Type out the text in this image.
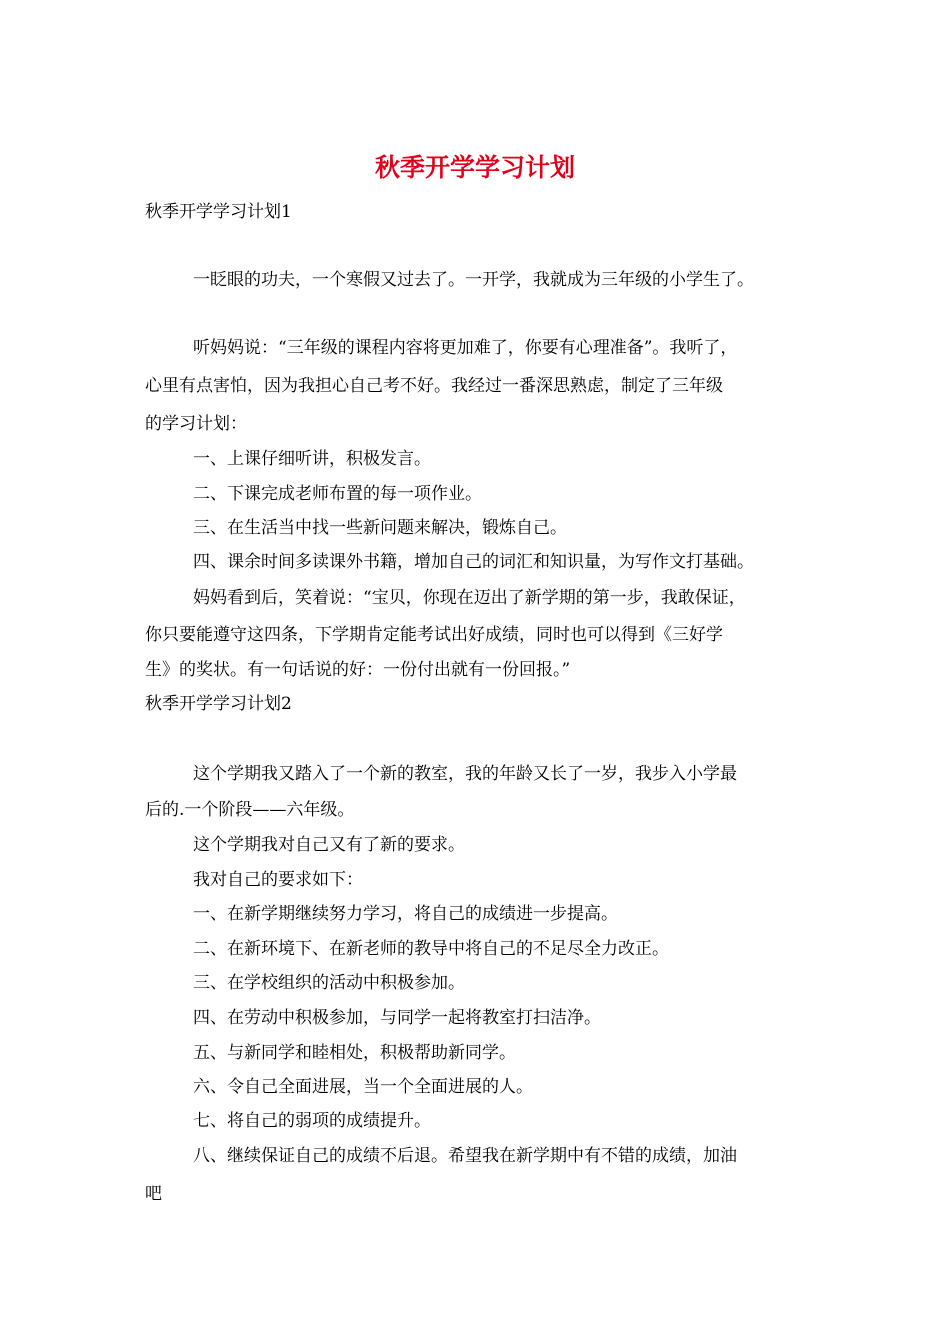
秋季开学学习计划

秋季开学学习计划1

一眨眼的功夫，一个寒假又过去了。一开学，我就成为三年级的小学生了。

听妈妈说：“三年级的课程内容将更加难了，你要有心理准备”。我听了，

心里有点害怕，因为我担心自己考不好。我经过一番深思熟虑，制定了三年级

的学习计划：

一、上课仔细听讲，积极发言。

二、下课完成老师布置的每一项作业。

三、在生活当中找一些新问题来解决，锻炼自己。

四、课余时间多读课外书籍，增加自己的词汇和知识量，为写作文打基础。

妈妈看到后，笑着说：“宝贝，你现在迈出了新学期的第一步，我敢保证，

你只要能遵守这四条，下学期肯定能考试出好成绩，同时也可以得到《三好学

生》的奖状。有一句话说的好：一份付出就有一份回报。”

秋季开学学习计划2

这个学期我又踏入了一个新的教室，我的年龄又长了一岁，我步入小学最

后的.一个阶段——六年级。

这个学期我对自己又有了新的要求。

我对自己的要求如下：

一、在新学期继续努力学习，将自己的成绩进一步提高。

二、在新环境下、在新老师的教导中将自己的不足尽全力改正。

三、在学校组织的活动中积极参加。

四、在劳动中积极参加，与同学一起将教室打扫洁净。

五、与新同学和睦相处，积极帮助新同学。

六、令自己全面进展，当一个全面进展的人。

七、将自己的弱项的成绩提升。

八、继续保证自己的成绩不后退。希望我在新学期中有不错的成绩，加油

吧
